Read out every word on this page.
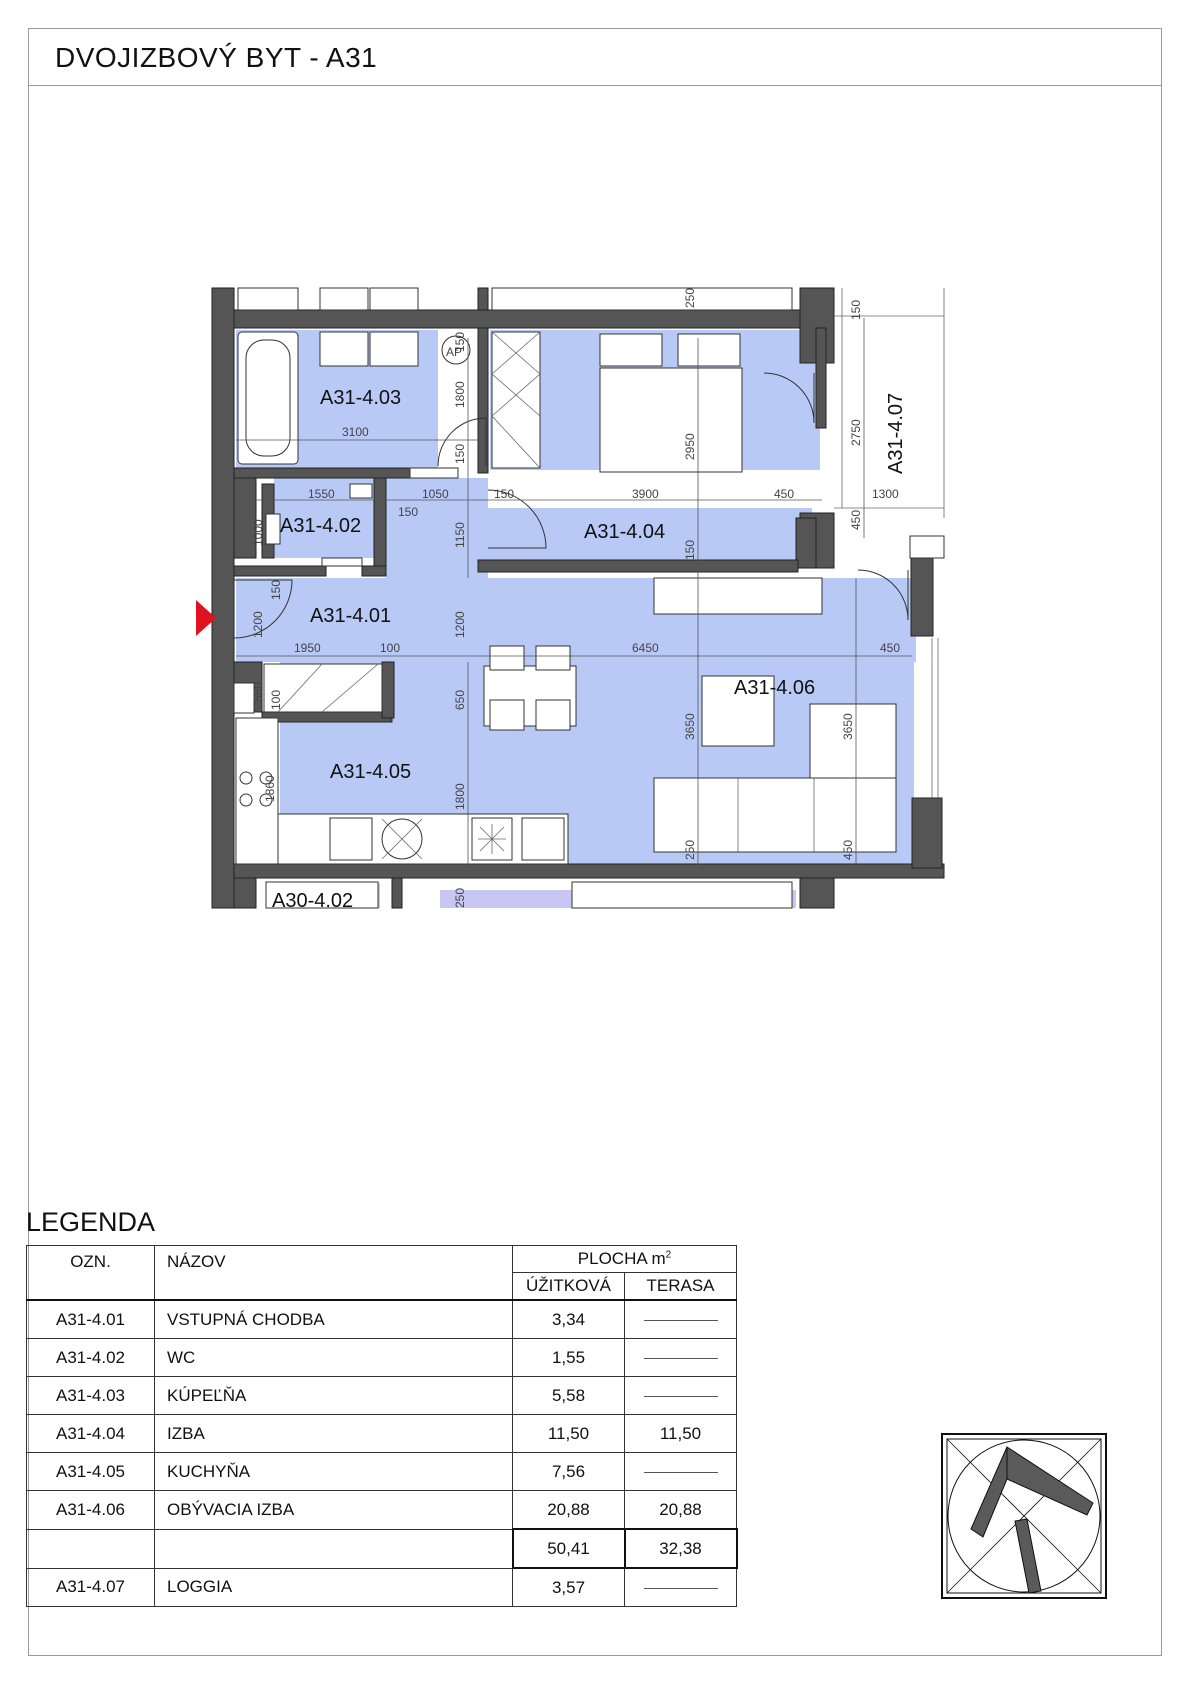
DVOJIZBOVÝ BYT - A31
AP
A31-4.03
A31-4.02	A31-4.04
A31-4.01
A31-4.06
A31-4.05
A31-4.07
A30-4.02
3100
1800
150
150
1550	1050
150
150
1150
3900	450
2950
150
1300
2750
150
450
1000
150
1200	1200
1950	100	6450	450
550 100	650
3650	3650
1800
250	450
250
250
1860
LEGENDA
OZN.	NÁZOV	PLOCHA $m^2$
		ÚŽITKOVÁ	TERASA
A31-4.01	VSTUPNÁ CHODBA	3,34	
A31-4.02	WC	1,55	
A31-4.03	KÚPEĽŇA	5,58	
A31-4.04	IZBA	11,50	11,50
A31-4.05	KUCHYŇA	7,56	
A31-4.06	OBÝVACIA IZBA	20,88	20,88
		50,41	32,38
A31-4.07	LOGGIA	3,57	
